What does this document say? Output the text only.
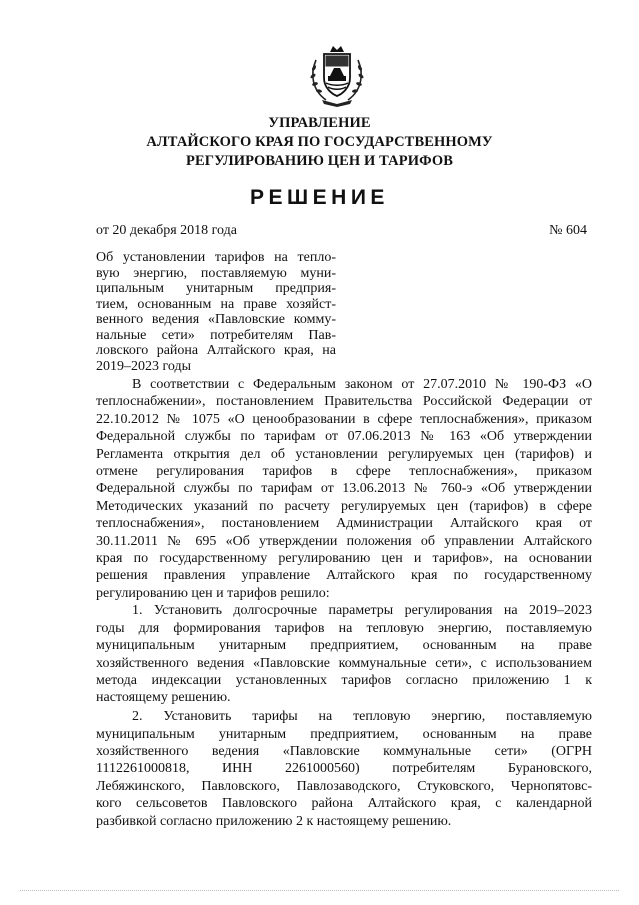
УПРАВЛЕНИЕ
АЛТАЙСКОГО КРАЯ ПО ГОСУДАРСТВЕННОМУ
РЕГУЛИРОВАНИЮ ЦЕН И ТАРИФОВ
РЕШЕНИЕ
от 20 декабря 2018 года	№ 604
Об установлении тарифов на тепло-
вую энергию, поставляемую муни-
ципальным унитарным предприя-
тием, основанным на праве хозяйст-
венного ведения «Павловские комму-
нальные сети» потребителям Пав-
ловского района Алтайского края, на
2019–2023 годы
В соответствии с Федеральным законом от 27.07.2010 № 190-ФЗ «О
теплоснабжении», постановлением Правительства Российской Федерации от
22.10.2012 № 1075 «О ценообразовании в сфере теплоснабжения», приказом
Федеральной службы по тарифам от 07.06.2013 № 163 «Об утверждении
Регламента открытия дел об установлении регулируемых цен (тарифов) и
отмене регулирования тарифов в сфере теплоснабжения», приказом
Федеральной службы по тарифам от 13.06.2013 № 760-э «Об утверждении
Методических указаний по расчету регулируемых цен (тарифов) в сфере
теплоснабжения», постановлением Администрации Алтайского края от
30.11.2011 № 695 «Об утверждении положения об управлении Алтайского
края по государственному регулированию цен и тарифов», на основании
решения правления управление Алтайского края по государственному
регулированию цен и тарифов решило:
1. Установить долгосрочные параметры регулирования на 2019–2023
годы для формирования тарифов на тепловую энергию, поставляемую
муниципальным унитарным предприятием, основанным на праве
хозяйственного ведения «Павловские коммунальные сети», с использованием
метода индексации установленных тарифов согласно приложению 1 к
настоящему решению.
2. Установить тарифы на тепловую энергию, поставляемую
муниципальным унитарным предприятием, основанным на праве
хозяйственного ведения «Павловские коммунальные сети» (ОГРН
1112261000818, ИНН 2261000560) потребителям Бурановского,
Лебяжинского, Павловского, Павлозаводского, Стуковского, Чернопятовс-
кого сельсоветов Павловского района Алтайского края, с календарной
разбивкой согласно приложению 2 к настоящему решению.
